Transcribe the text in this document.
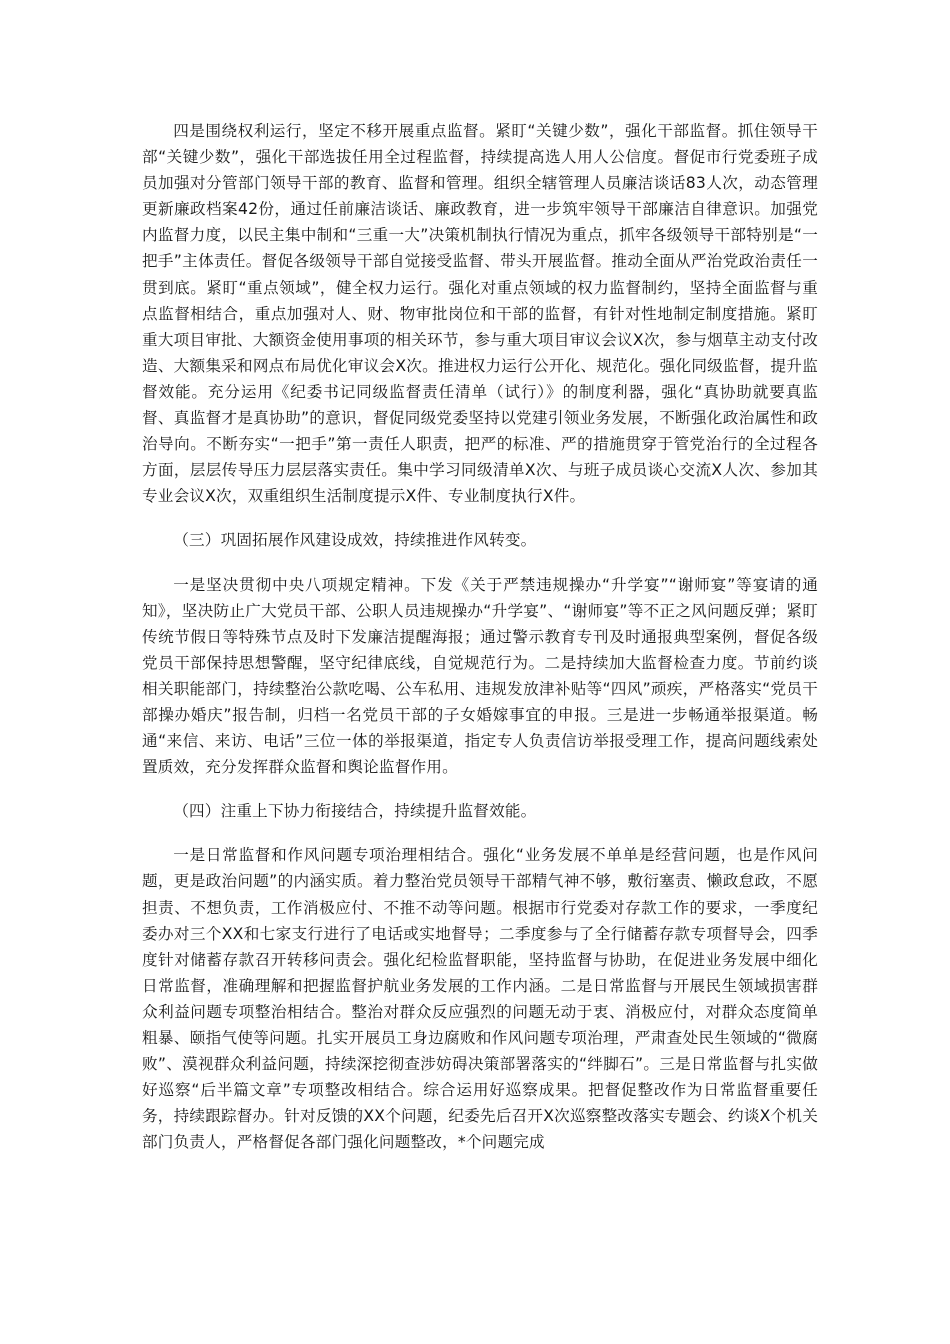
四是围绕权利运行，坚定不移开展重点监督。紧盯“关键少数”，强化干部监督。抓住领导干部“关键少数”，强化干部选拔任用全过程监督，持续提高选人用人公信度。督促市行党委班子成员加强对分管部门领导干部的教育、监督和管理。组织全辖管理人员廉洁谈话83人次，动态管理更新廉政档案42份，通过任前廉洁谈话、廉政教育，进一步筑牢领导干部廉洁自律意识。加强党内监督力度，以民主集中制和“三重一大”决策机制执行情况为重点，抓牢各级领导干部特别是“一把手”主体责任。督促各级领导干部自觉接受监督、带头开展监督。推动全面从严治党政治责任一贯到底。紧盯“重点领域”，健全权力运行。强化对重点领域的权力监督制约，坚持全面监督与重点监督相结合，重点加强对人、财、物审批岗位和干部的监督，有针对性地制定制度措施。紧盯重大项目审批、大额资金使用事项的相关环节，参与重大项目审议会议X次，参与烟草主动支付改造、大额集采和网点布局优化审议会X次。推进权力运行公开化、规范化。强化同级监督，提升监督效能。充分运用《纪委书记同级监督责任清单（试行）》的制度利器，强化“真协助就要真监督、真监督才是真协助”的意识，督促同级党委坚持以党建引领业务发展，不断强化政治属性和政治导向。不断夯实“一把手”第一责任人职责，把严的标准、严的措施贯穿于管党治行的全过程各方面，层层传导压力层层落实责任。集中学习同级清单X次、与班子成员谈心交流X人次、参加其专业会议X次，双重组织生活制度提示X件、专业制度执行X件。

（三）巩固拓展作风建设成效，持续推进作风转变。

一是坚决贯彻中央八项规定精神。下发《关于严禁违规操办“升学宴”“谢师宴”等宴请的通知》，坚决防止广大党员干部、公职人员违规操办“升学宴”、“谢师宴”等不正之风问题反弹；紧盯传统节假日等特殊节点及时下发廉洁提醒海报；通过警示教育专刊及时通报典型案例，督促各级党员干部保持思想警醒，坚守纪律底线，自觉规范行为。二是持续加大监督检查力度。节前约谈相关职能部门，持续整治公款吃喝、公车私用、违规发放津补贴等“四风”顽疾，严格落实“党员干部操办婚庆”报告制，归档一名党员干部的子女婚嫁事宜的申报。三是进一步畅通举报渠道。畅通“来信、来访、电话”三位一体的举报渠道，指定专人负责信访举报受理工作，提高问题线索处置质效，充分发挥群众监督和舆论监督作用。

（四）注重上下协力衔接结合，持续提升监督效能。

一是日常监督和作风问题专项治理相结合。强化“业务发展不单单是经营问题，也是作风问题，更是政治问题”的内涵实质。着力整治党员领导干部精气神不够，敷衍塞责、懒政怠政，不愿担责、不想负责，工作消极应付、不推不动等问题。根据市行党委对存款工作的要求，一季度纪委办对三个XX和七家支行进行了电话或实地督导；二季度参与了全行储蓄存款专项督导会，四季度针对储蓄存款召开转移问责会。强化纪检监督职能，坚持监督与协助，在促进业务发展中细化日常监督，准确理解和把握监督护航业务发展的工作内涵。二是日常监督与开展民生领域损害群众利益问题专项整治相结合。整治对群众反应强烈的问题无动于衷、消极应付，对群众态度简单粗暴、颐指气使等问题。扎实开展员工身边腐败和作风问题专项治理，严肃查处民生领域的“微腐败”、漠视群众利益问题，持续深挖彻查涉妨碍决策部署落实的“绊脚石”。三是日常监督与扎实做好巡察“后半篇文章”专项整改相结合。综合运用好巡察成果。把督促整改作为日常监督重要任务，持续跟踪督办。针对反馈的XX个问题，纪委先后召开X次巡察整改落实专题会、约谈X个机关部门负责人，严格督促各部门强化问题整改，*个问题完成
